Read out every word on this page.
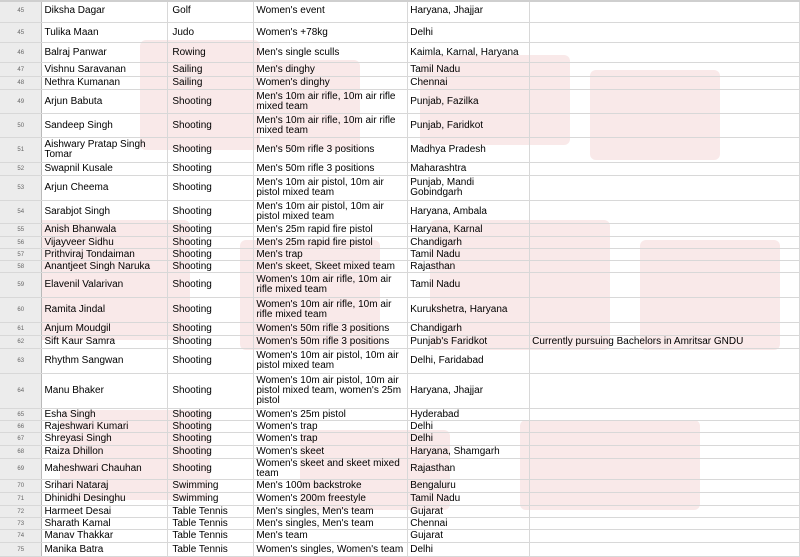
45	Diksha Dagar	Golf	Women's event	Haryana, Jhajjar	
45	Tulika Maan	Judo	Women's +78kg	Delhi	
46	Balraj Panwar	Rowing	Men's single sculls	Kaimla, Karnal, Haryana	
47	Vishnu Saravanan	Sailing	Men's dinghy	Tamil Nadu	
48	Nethra Kumanan	Sailing	Women's dinghy	Chennai	
49	Arjun Babuta	Shooting	Men's 10m air rifle, 10m air rifle mixed team	Punjab, Fazilka	
50	Sandeep Singh	Shooting	Men's 10m air rifle, 10m air rifle mixed team	Punjab, Faridkot	
51	Aishwary Pratap Singh Tomar	Shooting	Men's 50m rifle 3 positions	Madhya Pradesh	
52	Swapnil Kusale	Shooting	Men's 50m rifle 3 positions	Maharashtra	
53	Arjun Cheema	Shooting	Men's 10m air pistol, 10m air pistol mixed team	Punjab, Mandi Gobindgarh	
54	Sarabjot Singh	Shooting	Men's 10m air pistol, 10m air pistol mixed team	Haryana, Ambala	
55	Anish Bhanwala	Shooting	Men's 25m rapid fire pistol	Haryana, Karnal	
56	Vijayveer Sidhu	Shooting	Men's 25m rapid fire pistol	Chandigarh	
57	Prithviraj Tondaiman	Shooting	Men's trap	Tamil Nadu	
58	Anantjeet Singh Naruka	Shooting	Men's skeet, Skeet mixed team	Rajasthan	
59	Elavenil Valarivan	Shooting	Women's 10m air rifle, 10m air rifle mixed team	Tamil Nadu	
60	Ramita Jindal	Shooting	Women's 10m air rifle, 10m air rifle mixed team	Kurukshetra, Haryana	
61	Anjum Moudgil	Shooting	Women's 50m rifle 3 positions	Chandigarh	
62	Sift Kaur Samra	Shooting	Women's 50m rifle 3 positions	Punjab's Faridkot	Currently pursuing Bachelors in Amritsar GNDU
63	Rhythm Sangwan	Shooting	Women's 10m air pistol, 10m air pistol mixed team	Delhi, Faridabad	
64	Manu Bhaker	Shooting	Women's 10m air pistol, 10m air pistol mixed team, women's 25m pistol	Haryana, Jhajjar	
65	Esha Singh	Shooting	Women's 25m pistol	Hyderabad	
66	Rajeshwari Kumari	Shooting	Women's trap	Delhi	
67	Shreyasi Singh	Shooting	Women's trap	Delhi	
68	Raiza Dhillon	Shooting	Women's skeet	Haryana, Shamgarh	
69	Maheshwari Chauhan	Shooting	Women's skeet and skeet mixed team	Rajasthan	
70	Srihari Nataraj	Swimming	Men's 100m backstroke	Bengaluru	
71	Dhinidhi Desinghu	Swimming	Women's 200m freestyle	Tamil Nadu	
72	Harmeet Desai	Table Tennis	Men's singles, Men's team	Gujarat	
73	Sharath Kamal	Table Tennis	Men's singles, Men's team	Chennai	
74	Manav Thakkar	Table Tennis	Men's team	Gujarat	
75	Manika Batra	Table Tennis	Women's singles, Women's team	Delhi	
